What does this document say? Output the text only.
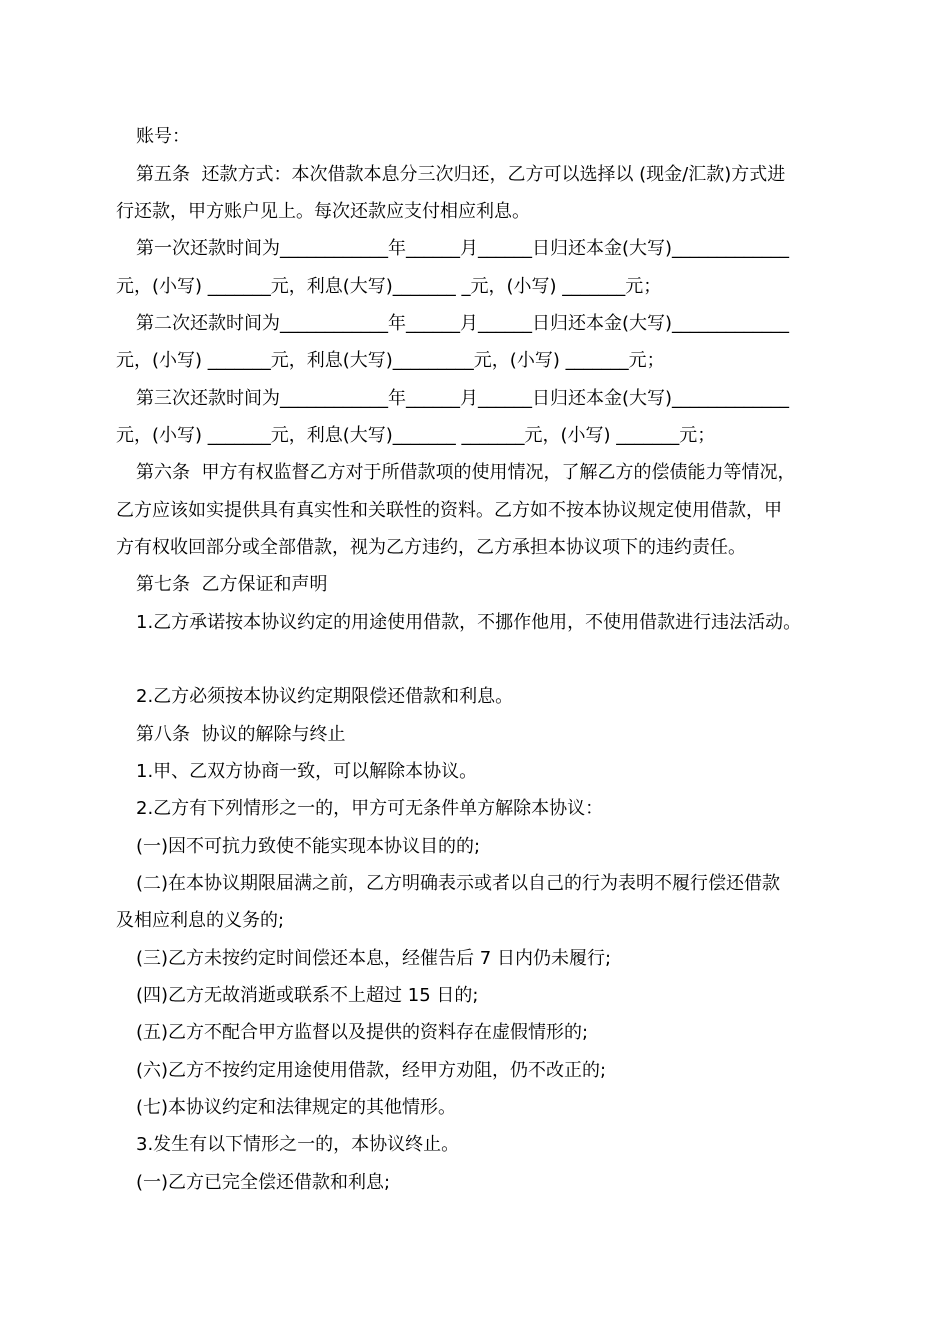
账号：
第五条  还款方式：本次借款本息分三次归还，乙方可以选择以 (现金/汇款)方式进
行还款，甲方账户见上。每次还款应支付相应利息。
第一次还款时间为____________年______月______日归还本金(大写)_____________
元，(小写) _______元，利息(大写)_______ _元，(小写) _______元；
第二次还款时间为____________年______月______日归还本金(大写)_____________
元，(小写) _______元，利息(大写)_________元，(小写) _______元；
第三次还款时间为____________年______月______日归还本金(大写)_____________
元，(小写) _______元，利息(大写)_______ _______元，(小写) _______元；
第六条  甲方有权监督乙方对于所借款项的使用情况，了解乙方的偿债能力等情况，
乙方应该如实提供具有真实性和关联性的资料。乙方如不按本协议规定使用借款，甲
方有权收回部分或全部借款，视为乙方违约，乙方承担本协议项下的违约责任。
第七条  乙方保证和声明
1.乙方承诺按本协议约定的用途使用借款，不挪作他用，不使用借款进行违法活动。
2.乙方必须按本协议约定期限偿还借款和利息。
第八条  协议的解除与终止
1.甲、乙双方协商一致，可以解除本协议。
2.乙方有下列情形之一的，甲方可无条件单方解除本协议：
(一)因不可抗力致使不能实现本协议目的的;
(二)在本协议期限届满之前，乙方明确表示或者以自己的行为表明不履行偿还借款
及相应利息的义务的;
(三)乙方未按约定时间偿还本息，经催告后 7 日内仍未履行;
(四)乙方无故消逝或联系不上超过 15 日的;
(五)乙方不配合甲方监督以及提供的资料存在虚假情形的;
(六)乙方不按约定用途使用借款，经甲方劝阻，仍不改正的;
(七)本协议约定和法律规定的其他情形。
3.发生有以下情形之一的，本协议终止。
(一)乙方已完全偿还借款和利息;
